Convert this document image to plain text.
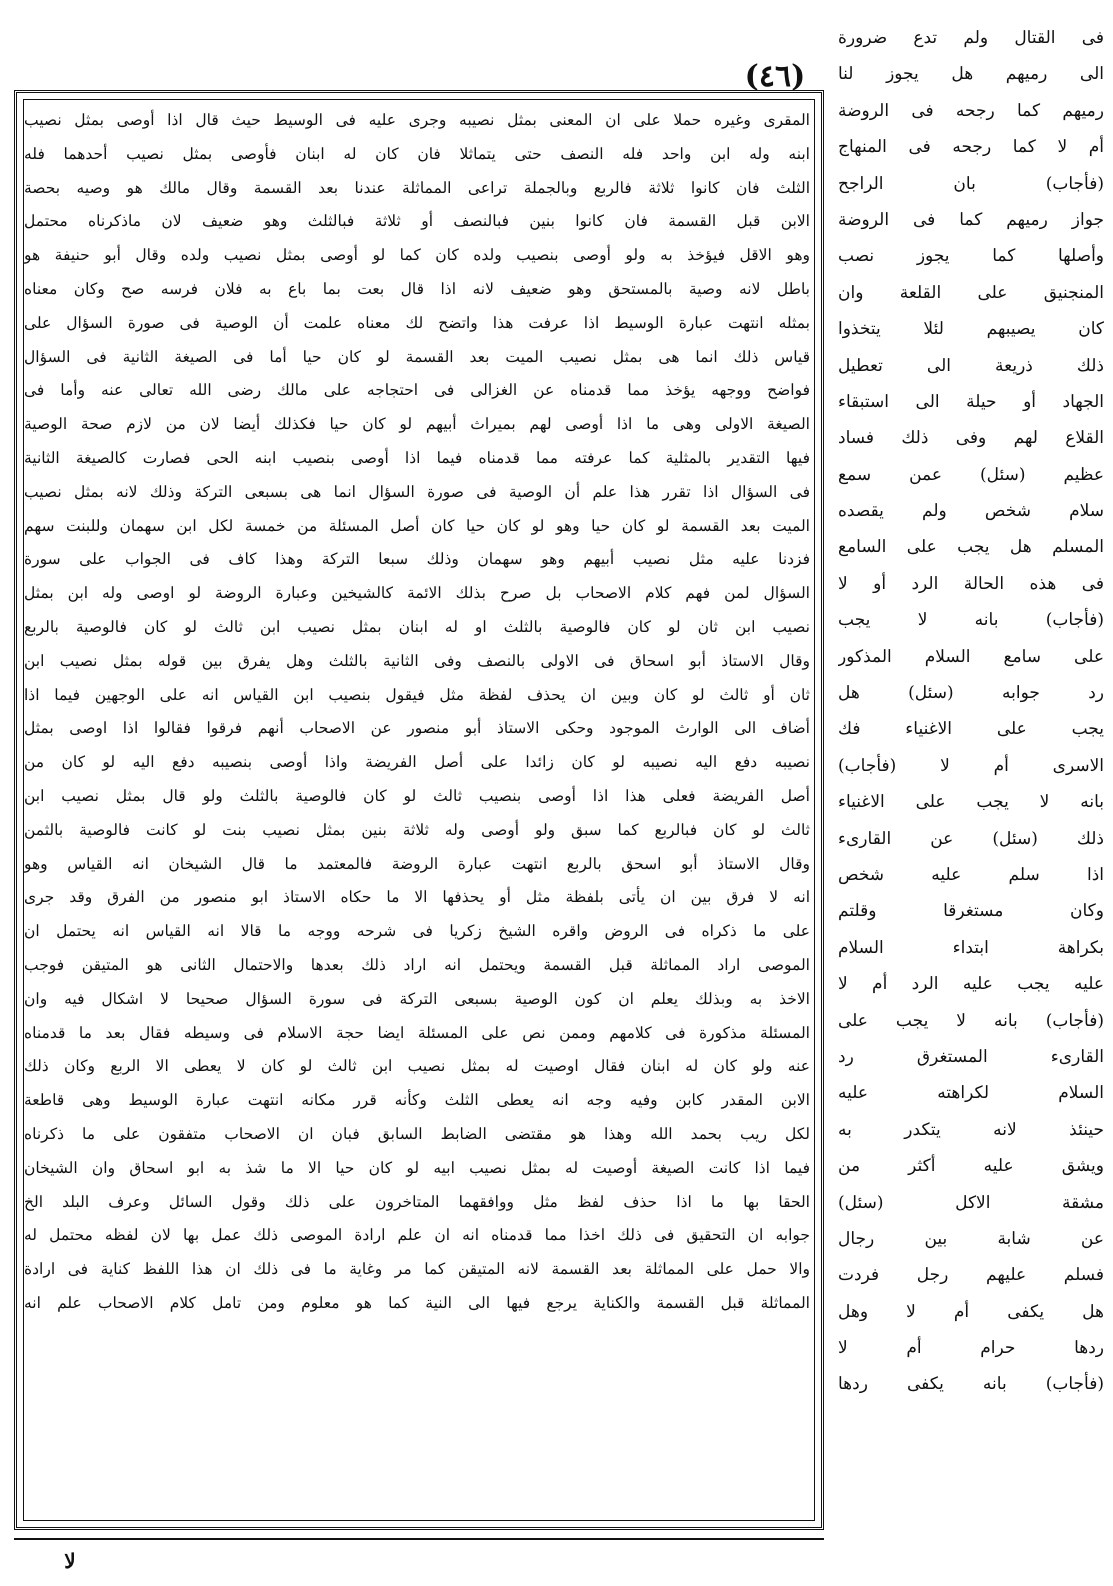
(٤٦)
فى القتال ولم تدع ضرورة
الى رميهم هل يجوز لنا
رميهم كما رجحه فى الروضة
أم لا كما رجحه فى المنهاج
(فأجاب) بان الراجح
جواز رميهم كما فى الروضة
وأصلها كما يجوز نصب
المنجنيق على القلعة وان
كان يصيبهم لئلا يتخذوا
ذلك ذريعة الى تعطيل
الجهاد أو حيلة الى استبقاء
القلاع لهم وفى ذلك فساد
عظيم (سئل) عمن سمع
سلام شخص ولم يقصده
المسلم هل يجب على السامع
فى هذه الحالة الرد أو لا
(فأجاب) بانه لا يجب
على سامع السلام المذكور
رد جوابه (سئل) هل
يجب على الاغنياء فك
الاسرى أم لا (فأجاب)
بانه لا يجب على الاغنياء
ذلك (سئل) عن القارىء
اذا سلم عليه شخص
وكان مستغرقا وقلتم
بكراهة ابتداء السلام
عليه يجب عليه الرد أم لا
(فأجاب) بانه لا يجب على
القارىء المستغرق رد
السلام لكراهته عليه
حينئذ لانه يتكدر به
ويشق عليه أكثر من
مشقة الاكل (سئل)
عن شابة بين رجال
فسلم عليهم رجل فردت
هل يكفى أم لا وهل
ردها حرام أم لا
(فأجاب) بانه يكفى ردها
المقرى وغيره حملا على ان المعنى بمثل نصيبه وجرى عليه فى الوسيط حيث قال اذا أوصى بمثل نصيب
ابنه وله ابن واحد فله النصف حتى يتماثلا فان كان له ابنان فأوصى بمثل نصيب أحدهما فله
الثلث فان كانوا ثلاثة فالربع وبالجملة تراعى المماثلة عندنا بعد القسمة وقال مالك هو وصيه بحصة
الابن قبل القسمة فان كانوا بنين فبالنصف أو ثلاثة فبالثلث وهو ضعيف لان ماذكرناه محتمل
وهو الاقل فيؤخذ به ولو أوصى بنصيب ولده كان كما لو أوصى بمثل نصيب ولده وقال أبو حنيفة هو
باطل لانه وصية بالمستحق وهو ضعيف لانه اذا قال بعت بما باع به فلان فرسه صح وكان معناه
بمثله انتهت عبارة الوسيط اذا عرفت هذا واتضح لك معناه علمت أن الوصية فى صورة السؤال على
قياس ذلك انما هى بمثل نصيب الميت بعد القسمة لو كان حيا أما فى الصيغة الثانية فى السؤال
فواضح ووجهه يؤخذ مما قدمناه عن الغزالى فى احتجاجه على مالك رضى الله تعالى عنه وأما فى
الصيغة الاولى وهى ما اذا أوصى لهم بميراث أبيهم لو كان حيا فكذلك أيضا لان من لازم صحة الوصية
فيها التقدير بالمثلية كما عرفته مما قدمناه فيما اذا أوصى بنصيب ابنه الحى فصارت كالصيغة الثانية
فى السؤال اذا تقرر هذا علم أن الوصية فى صورة السؤال انما هى بسبعى التركة وذلك لانه بمثل نصيب
الميت بعد القسمة لو كان حيا وهو لو كان حيا كان أصل المسئلة من خمسة لكل ابن سهمان وللبنت سهم
فزدنا عليه مثل نصيب أبيهم وهو سهمان وذلك سبعا التركة وهذا كاف فى الجواب على سورة
السؤال لمن فهم كلام الاصحاب بل صرح بذلك الائمة كالشيخين وعبارة الروضة لو اوصى وله ابن بمثل
نصيب ابن ثان لو كان فالوصية بالثلث او له ابنان بمثل نصيب ابن ثالث لو كان فالوصية بالربع
وقال الاستاذ أبو اسحاق فى الاولى بالنصف وفى الثانية بالثلث وهل يفرق بين قوله بمثل نصيب ابن
ثان أو ثالث لو كان وبين ان يحذف لفظة مثل فيقول بنصيب ابن القياس انه على الوجهين فيما اذا
أضاف الى الوارث الموجود وحكى الاستاذ أبو منصور عن الاصحاب أنهم فرقوا فقالوا اذا اوصى بمثل
نصيبه دفع اليه نصيبه لو كان زائدا على أصل الفريضة واذا أوصى بنصيبه دفع اليه لو كان من
أصل الفريضة فعلى هذا اذا أوصى بنصيب ثالث لو كان فالوصية بالثلث ولو قال بمثل نصيب ابن
ثالث لو كان فبالربع كما سبق ولو أوصى وله ثلاثة بنين بمثل نصيب بنت لو كانت فالوصية بالثمن
وقال الاستاذ أبو اسحق بالربع انتهت عبارة الروضة فالمعتمد ما قال الشيخان انه القياس وهو
انه لا فرق بين ان يأتى بلفظة مثل أو يحذفها الا ما حكاه الاستاذ ابو منصور من الفرق وقد جرى
على ما ذكراه فى الروض واقره الشيخ زكريا فى شرحه ووجه ما قالا انه القياس انه يحتمل ان
الموصى اراد المماثلة قبل القسمة ويحتمل انه اراد ذلك بعدها والاحتمال الثانى هو المتيقن فوجب
الاخذ به وبذلك يعلم ان كون الوصية بسبعى التركة فى سورة السؤال صحيحا لا اشكال فيه وان
المسئلة مذكورة فى كلامهم وممن نص على المسئلة ايضا حجة الاسلام فى وسيطه فقال بعد ما قدمناه
عنه ولو كان له ابنان فقال اوصيت له بمثل نصيب ابن ثالث لو كان لا يعطى الا الربع وكان ذلك
الابن المقدر كابن وفيه وجه انه يعطى الثلث وكأنه قرر مكانه انتهت عبارة الوسيط وهى قاطعة
لكل ريب بحمد الله وهذا هو مقتضى الضابط السابق فبان ان الاصحاب متفقون على ما ذكرناه
فيما اذا كانت الصيغة أوصيت له بمثل نصيب ابيه لو كان حيا الا ما شذ به ابو اسحاق وان الشيخان
الحقا بها ما اذا حذف لفظ مثل ووافقهما المتاخرون على ذلك وقول السائل وعرف البلد الخ
جوابه ان التحقيق فى ذلك اخذا مما قدمناه انه ان علم ارادة الموصى ذلك عمل بها لان لفظه محتمل له
والا حمل على المماثلة بعد القسمة لانه المتيقن كما مر وغاية ما فى ذلك ان هذا اللفظ كناية فى ارادة
المماثلة قبل القسمة والكناية يرجع فيها الى النية كما هو معلوم ومن تامل كلام الاصحاب علم انه
لا
